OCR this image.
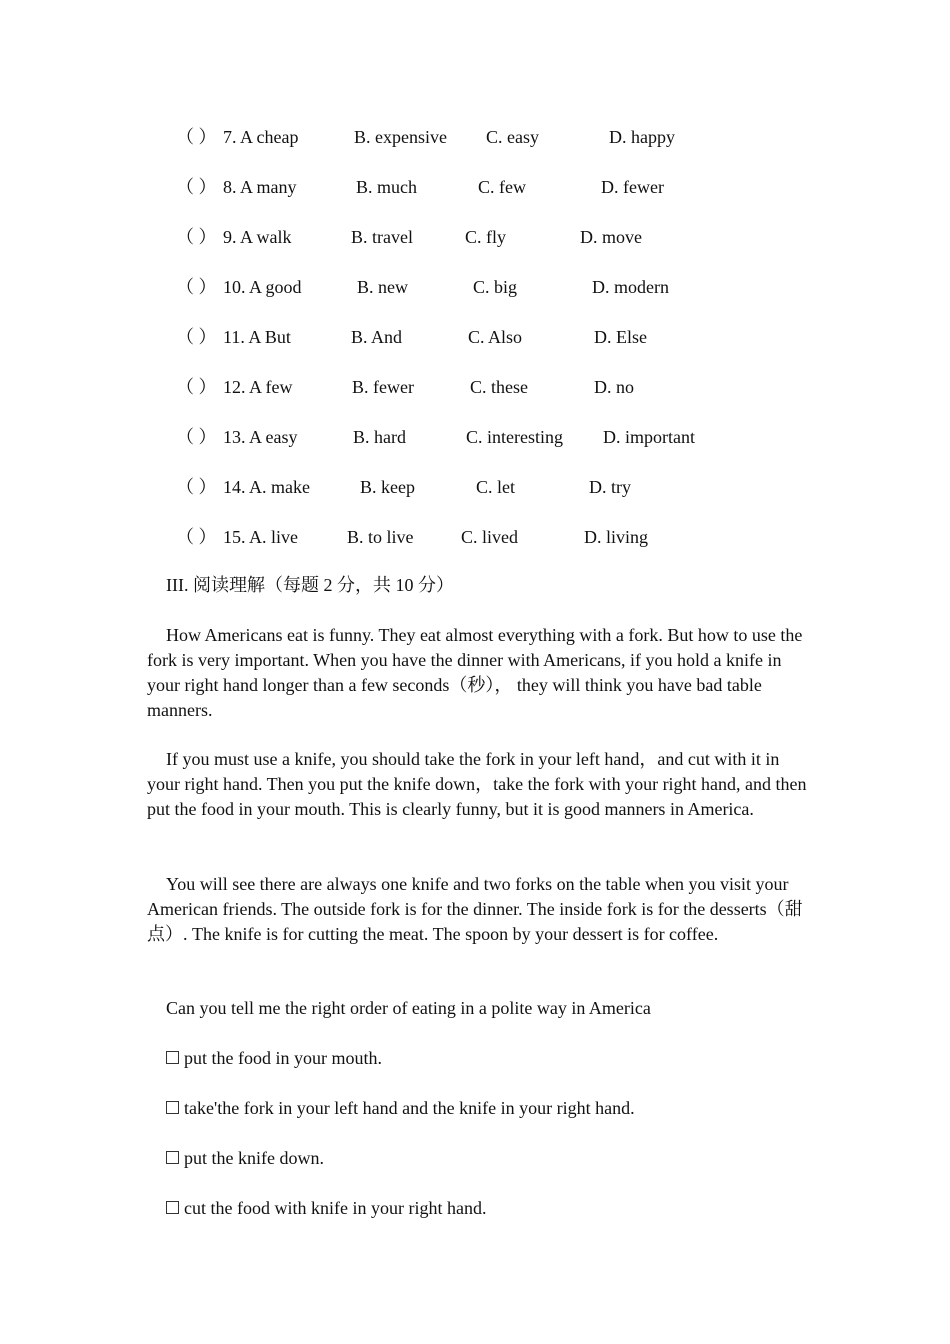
（ ） 7. A cheap	B. expensive C. easy	D. happy
（ ） 8. A many	B. much	C. few	D. fewer
（ ） 9. A walk	B. travel	C. fly	D. move
（ ） 10. A good	B. new	C. big	D. modern
（ ） 11. A But	B. And	C. Also	D. Else
（ ） 12. A few	B. fewer	C. these	D. no
（ ） 13. A easy	B. hard	C. interesting D. important
（ ） 14. A. make	B. keep	C. let	D. try
（ ） 15. A. live	B. to live	C. lived	D. living
III. 阅读理解（每题 2 分，共 10 分）
How Americans eat is funny. They eat almost everything with a fork. But how to use the fork is very important. When you have the dinner with Americans, if you hold a knife in your right hand longer than a few seconds（秒）， they will think you have bad table manners.
If you must use a knife, you should take the fork in your left hand，and cut with it in your right hand. Then you put the knife down，take the fork with your right hand, and then put the food in your mouth. This is clearly funny, but it is good manners in America.
You will see there are always one knife and two forks on the table when you visit your American friends. The outside fork is for the dinner. The inside fork is for the desserts（甜点）. The knife is for cutting the meat. The spoon by your dessert is for coffee.
Can you tell me the right order of eating in a polite way in America
put the food in your mouth.
take'the fork in your left hand and the knife in your right hand.
put the knife down.
cut the food with knife in your right hand.
